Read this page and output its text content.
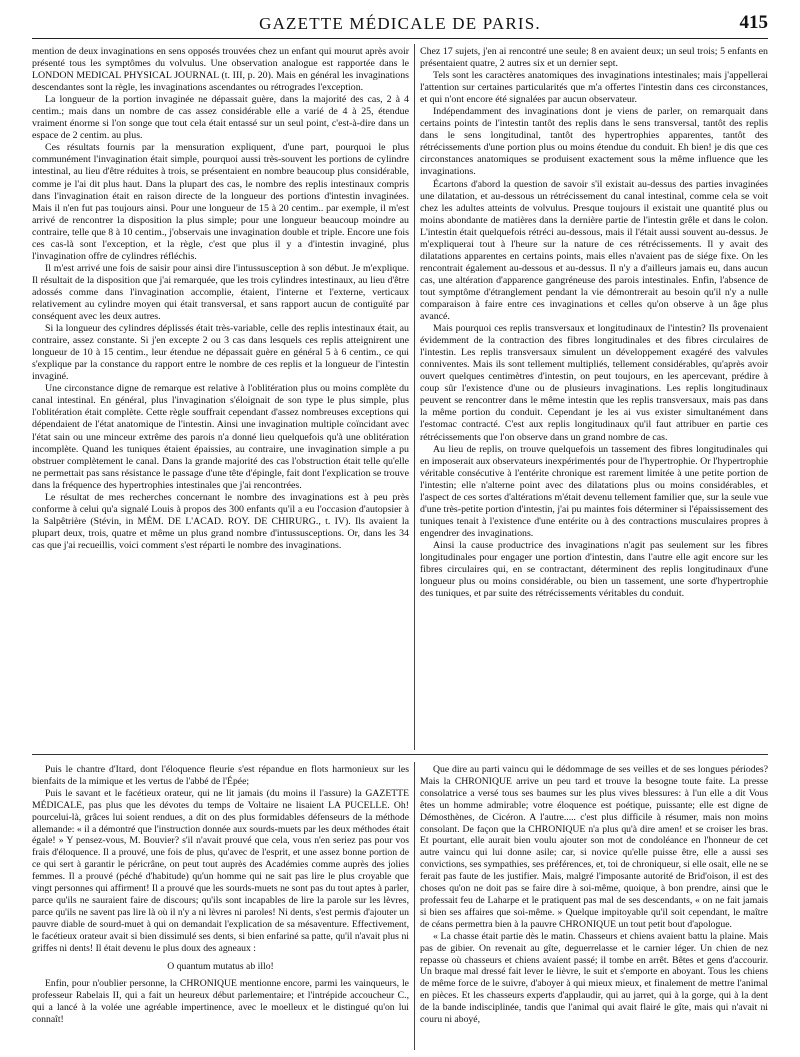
GAZETTE MÉDICALE DE PARIS.	415

mention de deux invaginations en sens opposés trouvées chez un enfant qui mourut après avoir présenté tous les symptômes du volvulus. Une observation analogue est rapportée dans le LONDON MEDICAL PHYSICAL JOURNAL (t. III, p. 20). Mais en général les invaginations descendantes sont la règle, les invaginations ascendantes ou rétrogrades l'exception.

La longueur de la portion invaginée ne dépassait guère, dans la majorité des cas, 2 à 4 centim.; mais dans un nombre de cas assez considérable elle a varié de 4 à 25, étendue vraiment énorme si l'on songe que tout cela était entassé sur un seul point, c'est-à-dire dans un espace de 2 centim. au plus.

Ces résultats fournis par la mensuration expliquent, d'une part, pourquoi le plus communément l'invagination était simple, pourquoi aussi très-souvent les portions de cylindre intestinal, au lieu d'être réduites à trois, se présentaient en nombre beaucoup plus considérable, comme je l'ai dit plus haut. Dans la plupart des cas, le nombre des replis intestinaux compris dans l'invagination était en raison directe de la longueur des portions d'intestin invaginées. Mais il n'en fut pas toujours ainsi. Pour une longueur de 15 à 20 centim.. par exemple, il m'est arrivé de rencontrer la disposition la plus simple; pour une longueur beaucoup moindre au contraire, telle que 8 à 10 centim., j'observais une invagination double et triple. Encore une fois ces cas-là sont l'exception, et la règle, c'est que plus il y a d'intestin invaginé, plus l'invagination offre de cylindres réfléchis.

Il m'est arrivé une fois de saisir pour ainsi dire l'intussusception à son début. Je m'explique. Il résultait de la disposition que j'ai remarquée, que les trois cylindres intestinaux, au lieu d'être adossés comme dans l'invagination accomplie, étaient, l'interne et l'externe, verticaux relativement au cylindre moyen qui était transversal, et sans rapport aucun de contiguïté par conséquent avec les deux autres.

Si la longueur des cylindres déplissés était très-variable, celle des replis intestinaux était, au contraire, assez constante. Si j'en excepte 2 ou 3 cas dans lesquels ces replis atteignirent une longueur de 10 à 15 centim., leur étendue ne dépassait guère en général 5 à 6 centim., ce qui s'explique par la constance du rapport entre le nombre de ces replis et la longueur de l'intestin invaginé.

Une circonstance digne de remarque est relative à l'oblitération plus ou moins complète du canal intestinal. En général, plus l'invagination s'éloignait de son type le plus simple, plus l'oblitération était complète. Cette règle souffrait cependant d'assez nombreuses exceptions qui dépendaient de l'état anatomique de l'intestin. Ainsi une invagination multiple coïncidant avec l'état sain ou une minceur extrême des parois n'a donné lieu quelquefois qu'à une oblitération incomplète. Quand les tuniques étaient épaissies, au contraire, une invagination simple a pu obstruer complètement le canal. Dans la grande majorité des cas l'obstruction était telle qu'elle ne permettait pas sans résistance le passage d'une tête d'épingle, fait dont l'explication se trouve dans la fréquence des hypertrophies intestinales que j'ai rencontrées.

Le résultat de mes recherches concernant le nombre des invaginations est à peu près conforme à celui qu'a signalé Louis à propos des 300 enfants qu'il a eu l'occasion d'autopsier à la Salpêtrière (Stévin, in MÉM. DE L'ACAD. ROY. DE CHIRURG., t. IV). Ils avaient la plupart deux, trois, quatre et même un plus grand nombre d'intussusceptions. Or, dans les 34 cas que j'ai recueillis, voici comment s'est réparti le nombre des invaginations.

Chez 17 sujets, j'en ai rencontré une seule; 8 en avaient deux; un seul trois; 5 enfants en présentaient quatre, 2 autres six et un dernier sept.

Tels sont les caractères anatomiques des invaginations intestinales; mais j'appellerai l'attention sur certaines particularités que m'a offertes l'intestin dans ces circonstances, et qui n'ont encore été signalées par aucun observateur.

Indépendamment des invaginations dont je viens de parler, on remarquait dans certains points de l'intestin tantôt des replis dans le sens transversal, tantôt des replis dans le sens longitudinal, tantôt des hypertrophies apparentes, tantôt des rétrécissements d'une portion plus ou moins étendue du conduit. Eh bien! je dis que ces circonstances anatomiques se produisent exactement sous la même influence que les invaginations.

Écartons d'abord la question de savoir s'il existait au-dessus des parties invaginées une dilatation, et au-dessous un rétrécissement du canal intestinal, comme cela se voit chez les adultes atteints de volvulus. Presque toujours il existait une quantité plus ou moins abondante de matières dans la dernière partie de l'intestin grêle et dans le colon. L'intestin était quelquefois rétréci au-dessous, mais il l'était aussi souvent au-dessus. Je m'expliquerai tout à l'heure sur la nature de ces rétrécissements. Il y avait des dilatations apparentes en certains points, mais elles n'avaient pas de siége fixe. On les rencontrait également au-dessous et au-dessus. Il n'y a d'ailleurs jamais eu, dans aucun cas, une altération d'apparence gangréneuse des parois intestinales. Enfin, l'absence de tout symptôme d'étranglement pendant la vie démontrerait au besoin qu'il n'y a nulle comparaison à faire entre ces invaginations et celles qu'on observe à un âge plus avancé.

Mais pourquoi ces replis transversaux et longitudinaux de l'intestin? Ils provenaient évidemment de la contraction des fibres longitudinales et des fibres circulaires de l'intestin. Les replis transversaux simulent un développement exagéré des valvules conniventes. Mais ils sont tellement multipliés, tellement considérables, qu'après avoir ouvert quelques centimètres d'intestin, on peut toujours, en les apercevant, prédire à coup sûr l'existence d'une ou de plusieurs invaginations. Les replis longitudinaux peuvent se rencontrer dans le même intestin que les replis transversaux, mais pas dans la même portion du conduit. Cependant je les ai vus exister simultanément dans l'estomac contracté. C'est aux replis longitudinaux qu'il faut attribuer en partie ces rétrécissements que l'on observe dans un grand nombre de cas.

Au lieu de replis, on trouve quelquefois un tassement des fibres longitudinales qui en imposerait aux observateurs inexpérimentés pour de l'hypertrophie. Or l'hypertrophie véritable consécutive à l'entérite chronique est rarement limitée à une petite portion de l'intestin; elle n'alterne point avec des dilatations plus ou moins considérables, et l'aspect de ces sortes d'altérations m'était devenu tellement familier que, sur la seule vue d'une très-petite portion d'intestin, j'ai pu maintes fois déterminer si l'épaississement des tuniques tenait à l'existence d'une entérite ou à des contractions musculaires propres à engendrer des invaginations.

Ainsi la cause productrice des invaginations n'agit pas seulement sur les fibres longitudinales pour engager une portion d'intestin, dans l'autre elle agit encore sur les fibres circulaires qui, en se contractant, déterminent des replis longitudinaux d'une longueur plus ou moins considérable, ou bien un tassement, une sorte d'hypertrophie des tuniques, et par suite des rétrécissements véritables du conduit.

Puis le chantre d'Itard, dont l'éloquence fleurie s'est répandue en flots harmonieux sur les bienfaits de la mimique et les vertus de l'abbé de l'Épée;

Puis le savant et le facétieux orateur, qui ne lit jamais (du moins il l'assure) la GAZETTE MÉDICALE, pas plus que les dévotes du temps de Voltaire ne lisaient LA PUCELLE. Oh! pourcelui-là, grâces lui soient rendues, a dit on des plus formidables défenseurs de la méthode allemande: « il a démontré que l'instruction donnée aux sourds-muets par les deux méthodes était égale! » Y pensez-vous, M. Bouvier? s'il n'avait prouvé que cela, vous n'en seriez pas pour vos frais d'éloquence. Il a prouvé, une fois de plus, qu'avec de l'esprit, et une assez bonne portion de ce qui sert à garantir le péricrâne, on peut tout auprès des Académies comme auprès des jolies femmes. Il a prouvé (péché d'habitude) qu'un homme qui ne sait pas lire le plus croyable que vingt personnes qui affirment! Il a prouvé que les sourds-muets ne sont pas du tout aptes à parler, parce qu'ils ne sauraient faire de discours; qu'ils sont incapables de lire la parole sur les lèvres, parce qu'ils ne savent pas lire là où il n'y a ni lèvres ni paroles! Ni dents, s'est permis d'ajouter un pauvre diable de sourd-muet à qui on demandait l'explication de sa mésaventure. Effectivement, le facétieux orateur avait si bien dissimulé ses dents, si bien enfariné sa patte, qu'il n'avait plus ni griffes ni dents! Il était devenu le plus doux des agneaux :

O quantum mutatus ab illo!

Enfin, pour n'oublier personne, la CHRONIQUE mentionne encore, parmi les vainqueurs, le professeur Rabelais II, qui a fait un heureux début parlementaire; et l'intrépide accoucheur C., qui a lancé à la volée une agréable impertinence, avec le moelleux et le distingué qu'on lui connaît!

Que dire au parti vaincu qui le dédommage de ses veilles et de ses longues périodes? Mais la CHRONIQUE arrive un peu tard et trouve la besogne toute faite. La presse consolatrice a versé tous ses baumes sur les plus vives blessures: à l'un elle a dit Vous êtes un homme admirable; votre éloquence est poétique, puissante; elle est digne de Démosthènes, de Cicéron. A l'autre..... c'est plus difficile à résumer, mais non moins consolant. De façon que la CHRONIQUE n'a plus qu'à dire amen! et se croiser les bras. Et pourtant, elle aurait bien voulu ajouter son mot de condoléance en l'honneur de cet autre vaincu qui lui donne asile; car, si novice qu'elle puisse être, elle a aussi ses convictions, ses sympathies, ses préférences, et, toi de chroniqueur, si elle osait, elle ne se ferait pas faute de les justifier. Mais, malgré l'imposante autorité de Brid'oison, il est des choses qu'on ne doit pas se faire dire à soi-même, quoique, à bon prendre, ainsi que le professait feu de Laharpe et le pratiquent pas mal de ses descendants, « on ne fait jamais si bien ses affaires que soi-même. » Quelque impitoyable qu'il soit cependant, le maître de céans permettra bien à la pauvre CHRONIQUE un tout petit bout d'apologue.

« La chasse était partie dès le matin. Chasseurs et chiens avaient battu la plaine. Mais pas de gibier. On revenait au gîte, deguerrelasse et le carnier léger. Un chien de nez repasse où chasseurs et chiens avaient passé; il tombe en arrêt. Bêtes et gens d'accourir. Un braque mal dressé fait lever le lièvre, le suit et s'emporte en aboyant. Tous les chiens de même force de le suivre, d'aboyer à qui mieux mieux, et finalement de mettre l'animal en pièces. Et les chasseurs experts d'applaudir, qui au jarret, qui à la gorge, qui à la dent de la bande indisciplinée, tandis que l'animal qui avait flairé le gîte, mais qui n'avait ni couru ni aboyé,
